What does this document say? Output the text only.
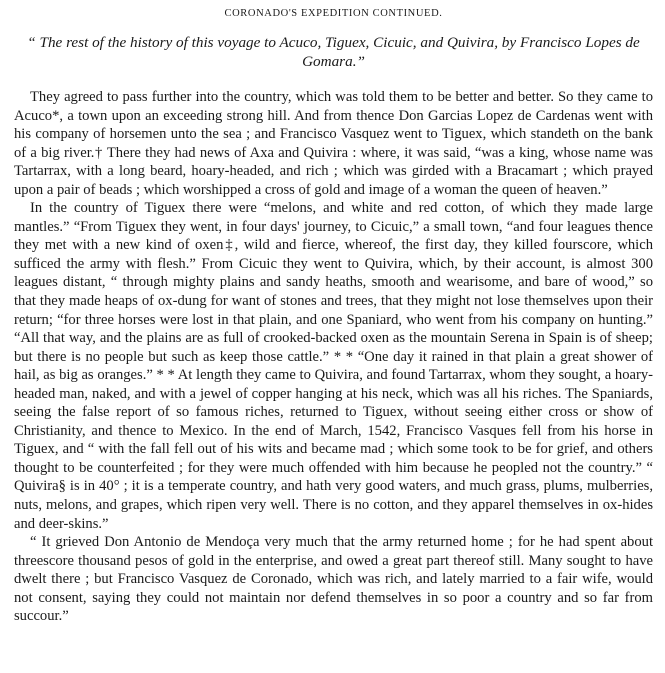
CORONADO'S EXPEDITION CONTINUED.
“ The rest of the history of this voyage to Acuco, Tiguex, Cicuic, and Quivira, by Francisco Lopes de Gomara.”

They agreed to pass further into the country, which was told them to be better and better. So they came to Acuco*, a town upon an exceeding strong hill. And from thence Don Garcias Lopez de Cardenas went with his company of horsemen unto the sea ; and Francisco Vasquez went to Tiguex, which standeth on the bank of a big river.† There they had news of Axa and Quivira : where, it was said, “was a king, whose name was Tartarrax, with a long beard, hoary-headed, and rich ; which was girded with a Bracamart ; which prayed upon a pair of beads ; which worshipped a cross of gold and image of a woman the queen of heaven.”

In the country of Tiguex there were “melons, and white and red cotton, of which they made large mantles.” “From Tiguex they went, in four days' journey, to Cicuic,” a small town, “and four leagues thence they met with a new kind of oxen‡, wild and fierce, whereof, the first day, they killed fourscore, which sufficed the army with flesh.” From Cicuic they went to Quivira, which, by their account, is almost 300 leagues distant, “ through mighty plains and sandy heaths, smooth and wearisome, and bare of wood,” so that they made heaps of ox-dung for want of stones and trees, that they might not lose themselves upon their return; “for three horses were lost in that plain, and one Spaniard, who went from his company on hunting.” “All that way, and the plains are as full of crooked-backed oxen as the mountain Serena in Spain is of sheep; but there is no people but such as keep those cattle.” * * “One day it rained in that plain a great shower of hail, as big as oranges.” * * At length they came to Quivira, and found Tartarrax, whom they sought, a hoary-headed man, naked, and with a jewel of copper hanging at his neck, which was all his riches. The Spaniards, seeing the false report of so famous riches, returned to Tiguex, without seeing either cross or show of Christianity, and thence to Mexico. In the end of March, 1542, Francisco Vasques fell from his horse in Tiguex, and “ with the fall fell out of his wits and became mad ; which some took to be for grief, and others thought to be counterfeited ; for they were much offended with him because he peopled not the country.” “ Quivira§ is in 40° ; it is a temperate country, and hath very good waters, and much grass, plums, mulberries, nuts, melons, and grapes, which ripen very well. There is no cotton, and they apparel themselves in ox-hides and deer-skins.”

“ It grieved Don Antonio de Mendoça very much that the army returned home ; for he had spent about threescore thousand pesos of gold in the enterprise, and owed a great part thereof still. Many sought to have dwelt there ; but Francisco Vasquez de Coronado, which was rich, and lately married to a fair wife, would not consent, saying they could not maintain nor defend themselves in so poor a country and so far from succour.”
